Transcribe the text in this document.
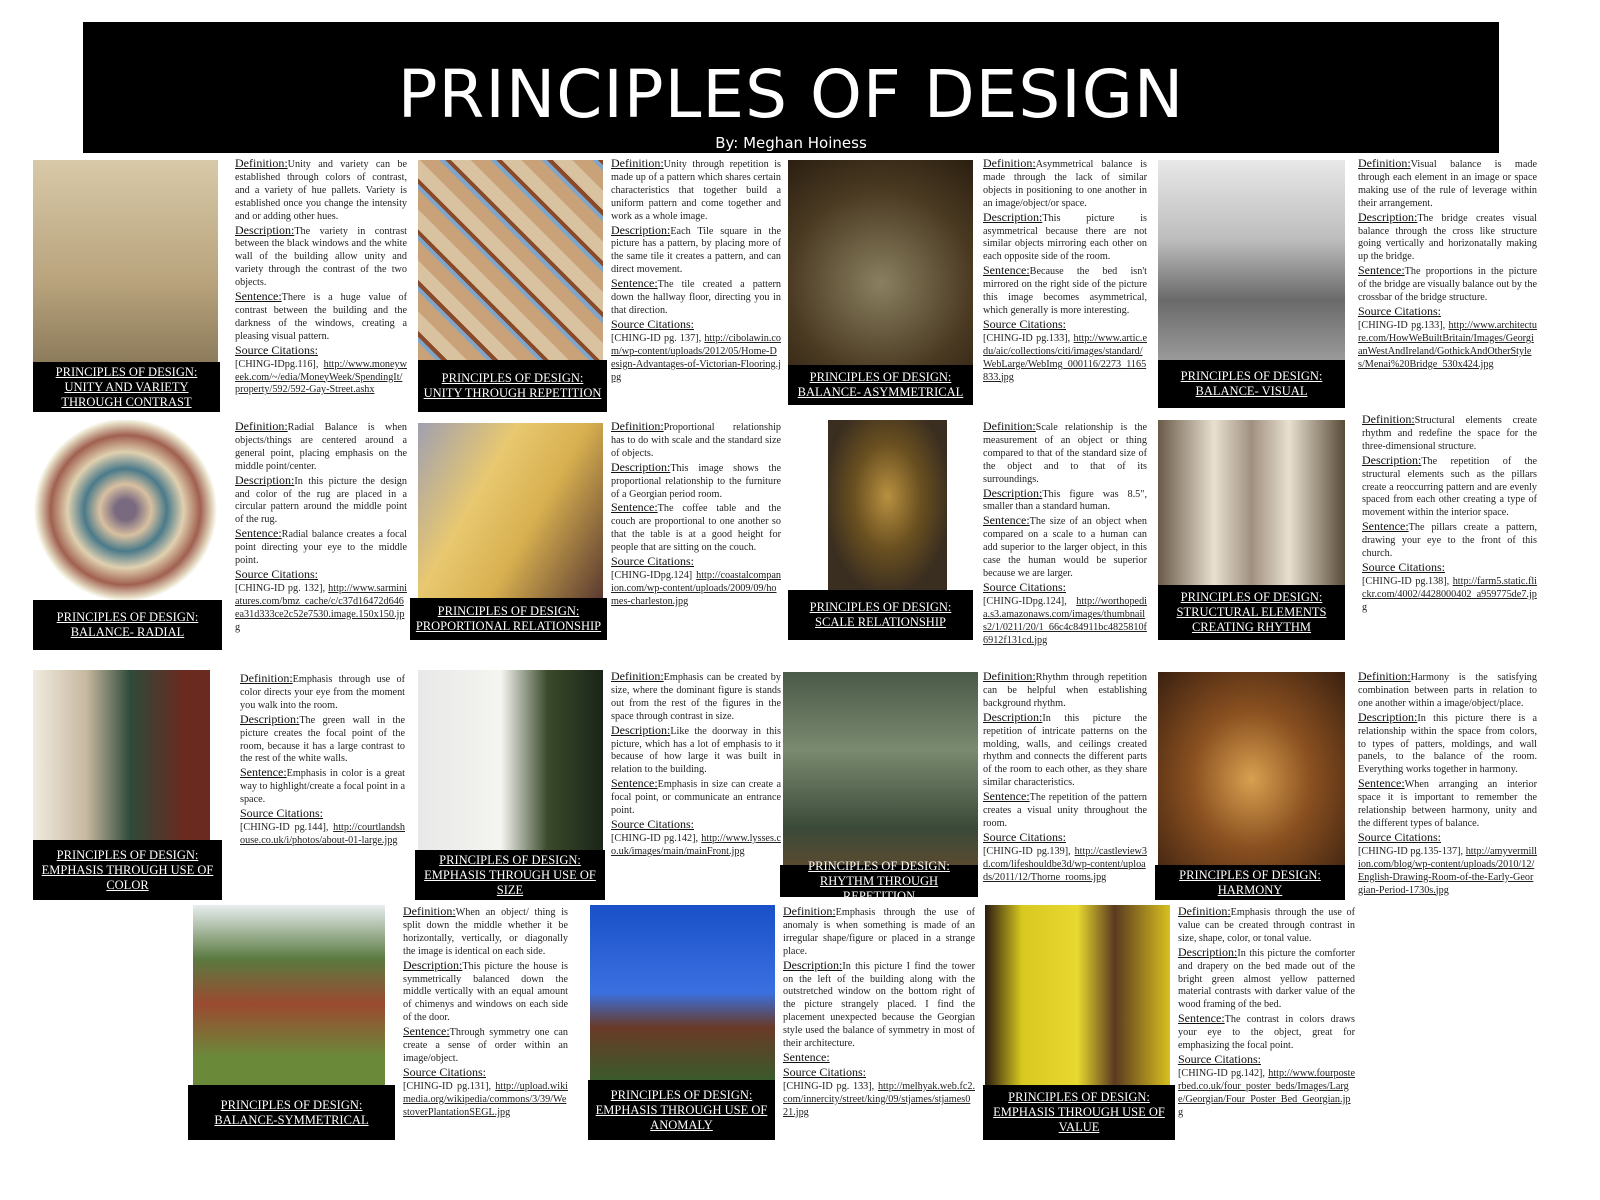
PRINCIPLES OF DESIGN
By: Meghan Hoiness
PRINCIPLES OF DESIGN:
UNITY AND VARIETY THROUGH CONTRAST
Definition:Unity and variety can be established through colors of contrast, and a variety of hue pallets. Variety is established once you change the intensity and or adding other hues.
Description:The variety in contrast between the black windows and the white wall of the building allow unity and variety through the contrast of the two objects.
Sentence:There is a huge value of contrast between the building and the darkness of the windows, creating a pleasing visual pattern.
Source Citations:
[CHING-IDpg.116], http://www.moneyweek.com/~/edia/MoneyWeek/SpendingIt/property/592/592-Gay-Street.ashx
PRINCIPLES OF DESIGN:
UNITY THROUGH REPETITION
Definition:Unity through repetition is made up of a pattern which shares certain characteristics that together build a uniform pattern and come together and work as a whole image.
Description:Each Tile square in the picture has a pattern, by placing more of the same tile it creates a pattern, and can direct movement.
Sentence:The tile created a pattern down the hallway floor, directing you in that direction.
Source Citations:
[CHING-ID pg. 137], http://cibolawin.com/wp-content/uploads/2012/05/Home-Design-Advantages-of-Victorian-Flooring.jpg	PRINCIPLES OF DESIGN:
BALANCE- ASYMMETRICAL
Definition:Asymmetrical balance is made through the lack of similar objects in positioning to one another in an image/object/or space.
Description:This picture is asymmetrical because there are not similar objects mirroring each other on each opposite side of the room.
Sentence:Because the bed isn't mirrored on the right side of the picture this image becomes asymmetrical, which generally is more interesting.
Source Citations:
[CHING-ID pg.133], http://www.artic.edu/aic/collections/citi/images/standard/WebLarge/WebImg_000116/2273_1165833.jpg	PRINCIPLES OF DESIGN:
BALANCE- VISUAL
Definition:Visual balance is made through each element in an image or space making use of the rule of leverage within their arrangement.
Description:The bridge creates visual balance through the cross like structure going vertically and horizonatally making up the bridge.
Sentence:The proportions in the picture of the bridge are visually balance out by the crossbar of the bridge structure.
Source Citations:
[CHING-ID pg.133], http://www.architecture.com/HowWeBuiltBritain/Images/GeorgianWestAndIreland/GothickAndOtherStyles/Menai%20Bridge_530x424.jpg
PRINCIPLES OF DESIGN:
BALANCE- RADIAL
Definition:Radial Balance is when objects/things are centered around a general point, placing emphasis on the middle point/center.
Description:In this picture the design and color of the rug are placed in a circular pattern around the middle point of the rug.
Sentence:Radial balance creates a focal point directing your eye to the middle point.
Source Citations:
[CHING-ID pg. 132], http://www.sarminiatures.com/bmz_cache/c/c37d16472d646ea31d333ce2c52e7530.image.150x150.jpg
PRINCIPLES OF DESIGN:
PROPORTIONAL RELATIONSHIP
Definition:Proportional relationship has to do with scale and the standard size of objects.
Description:This image shows the proportional relationship to the furniture of a Georgian period room.
Sentence:The coffee table and the couch are proportional to one another so that the table is at a good height for people that are sitting on the couch.
Source Citations:
[CHING-IDpg.124] http://coastalcompanion.com/wp-content/uploads/2009/09/homes-charleston.jpg	PRINCIPLES OF DESIGN:
SCALE RELATIONSHIP
Definition:Scale relationship is the measurement of an object or thing compared to that of the standard size of the object and to that of its surroundings.
Description:This figure was 8.5", smaller than a standard human.
Sentence:The size of an object when compared on a scale to a human can add superior to the larger object, in this case the human would be superior because we are larger.
Source Citations:
[CHING-IDpg.124], http://worthopedia.s3.amazonaws.com/images/thumbnails2/1/0211/20/1_66c4c84911bc4825810f6912f131cd.jpg
PRINCIPLES OF DESIGN:
STRUCTURAL ELEMENTS CREATING RHYTHM
Definition:Structural elements create rhythm and redefine the space for the three-dimensional structure.
Description:The repetition of the structural elements such as the pillars create a reoccurring pattern and are evenly spaced from each other creating a type of movement within the interior space.
Sentence:The pillars create a pattern, drawing your eye to the front of this church.
Source Citations:
[CHING-ID pg.138], http://farm5.static.flickr.com/4002/4428000402_a959775de7.jpg
PRINCIPLES OF DESIGN:
EMPHASIS THROUGH USE OF COLOR
Definition:Emphasis through use of color directs your eye from the moment you walk into the room.
Description:The green wall in the picture creates the focal point of the room, because it has a large contrast to the rest of the white walls.
Sentence:Emphasis in color is a great way to highlight/create a focal point in a space.
Source Citations:
[CHING-ID pg.144], http://courtlandshouse.co.uk/i/photos/about-01-large.jpg
PRINCIPLES OF DESIGN:
EMPHASIS THROUGH USE OF SIZE
Definition:Emphasis can be created by size, where the dominant figure is stands out from the rest of the figures in the space through contrast in size.
Description:Like the doorway in this picture, which has a lot of emphasis to it because of how large it was built in relation to the building.
Sentence:Emphasis in size can create a focal point, or communicate an entrance point.
Source Citations:
[CHING-ID pg.142], http://www.lysses.co.uk/images/main/mainFront.jpg
PRINCIPLES OF DESIGN:
RHYTHM THROUGH REPETITION
Definition:Rhythm through repetition can be helpful when establishing background rhythm.
Description:In this picture the repetition of intricate patterns on the molding, walls, and ceilings created rhythm and connects the different parts of the room to each other, as they share similar characteristics.
Sentence:The repetition of the pattern creates a visual unity throughout the room.
Source Citations:
[CHING-ID pg.139], http://castleview3d.com/lifeshouldbe3d/wp-content/uploads/2011/12/Thorne_rooms.jpg	PRINCIPLES OF DESIGN:
HARMONY
Definition:Harmony is the satisfying combination between parts in relation to one another within a image/object/place.
Description:In this picture there is a relationship within the space from colors, to types of patters, moldings, and wall panels, to the balance of the room. Everything works together in harmony.
Sentence:When arranging an interior space it is important to remember the relationship between harmony, unity and the different types of balance.
Source Citations:
[CHING-ID pg.135-137], http://amyvermillion.com/blog/wp-content/uploads/2010/12/English-Drawing-Room-of-the-Early-Georgian-Period-1730s.jpg
PRINCIPLES OF DESIGN:
BALANCE-SYMMETRICAL
Definition:When an object/ thing is split down the middle whether it be horizontally, vertically, or diagonally the image is identical on each side.
Description:This picture the house is symmetrically balanced down the middle vertically with an equal amount of chimenys and windows on each side of the door.
Sentence:Through symmetry one can create a sense of order within an image/object.
Source Citations:
[CHING-ID pg.131], http://upload.wikimedia.org/wikipedia/commons/3/39/WestoverPlantationSEGL.jpg
PRINCIPLES OF DESIGN:
EMPHASIS THROUGH USE OF ANOMALY
Definition:Emphasis through the use of anomaly is when something is made of an irregular shape/figure or placed in a strange place.
Description:In this picture I find the tower on the left of the building along with the outstretched window on the bottom right of the picture strangely placed. I find the placement unexpected because the Georgian style used the balance of symmetry in most of their architecture.
Sentence:
Source Citations:
[CHING-ID pg. 133], http://melhyak.web.fc2.com/innercity/street/king/09/stjames/stjames021.jpg
PRINCIPLES OF DESIGN:
EMPHASIS THROUGH USE OF VALUE
Definition:Emphasis through the use of value can be created through contrast in size, shape, color, or tonal value.
Description:In this picture the comforter and drapery on the bed made out of the bright green almost yellow patterned material contrasts with darker value of the wood framing of the bed.
Sentence:The contrast in colors draws your eye to the object, great for emphasizing the focal point.
Source Citations:
[CHING-ID pg.142], http://www.fourposterbed.co.uk/four_poster_beds/Images/Large/Georgian/Four_Poster_Bed_Georgian.jpg
